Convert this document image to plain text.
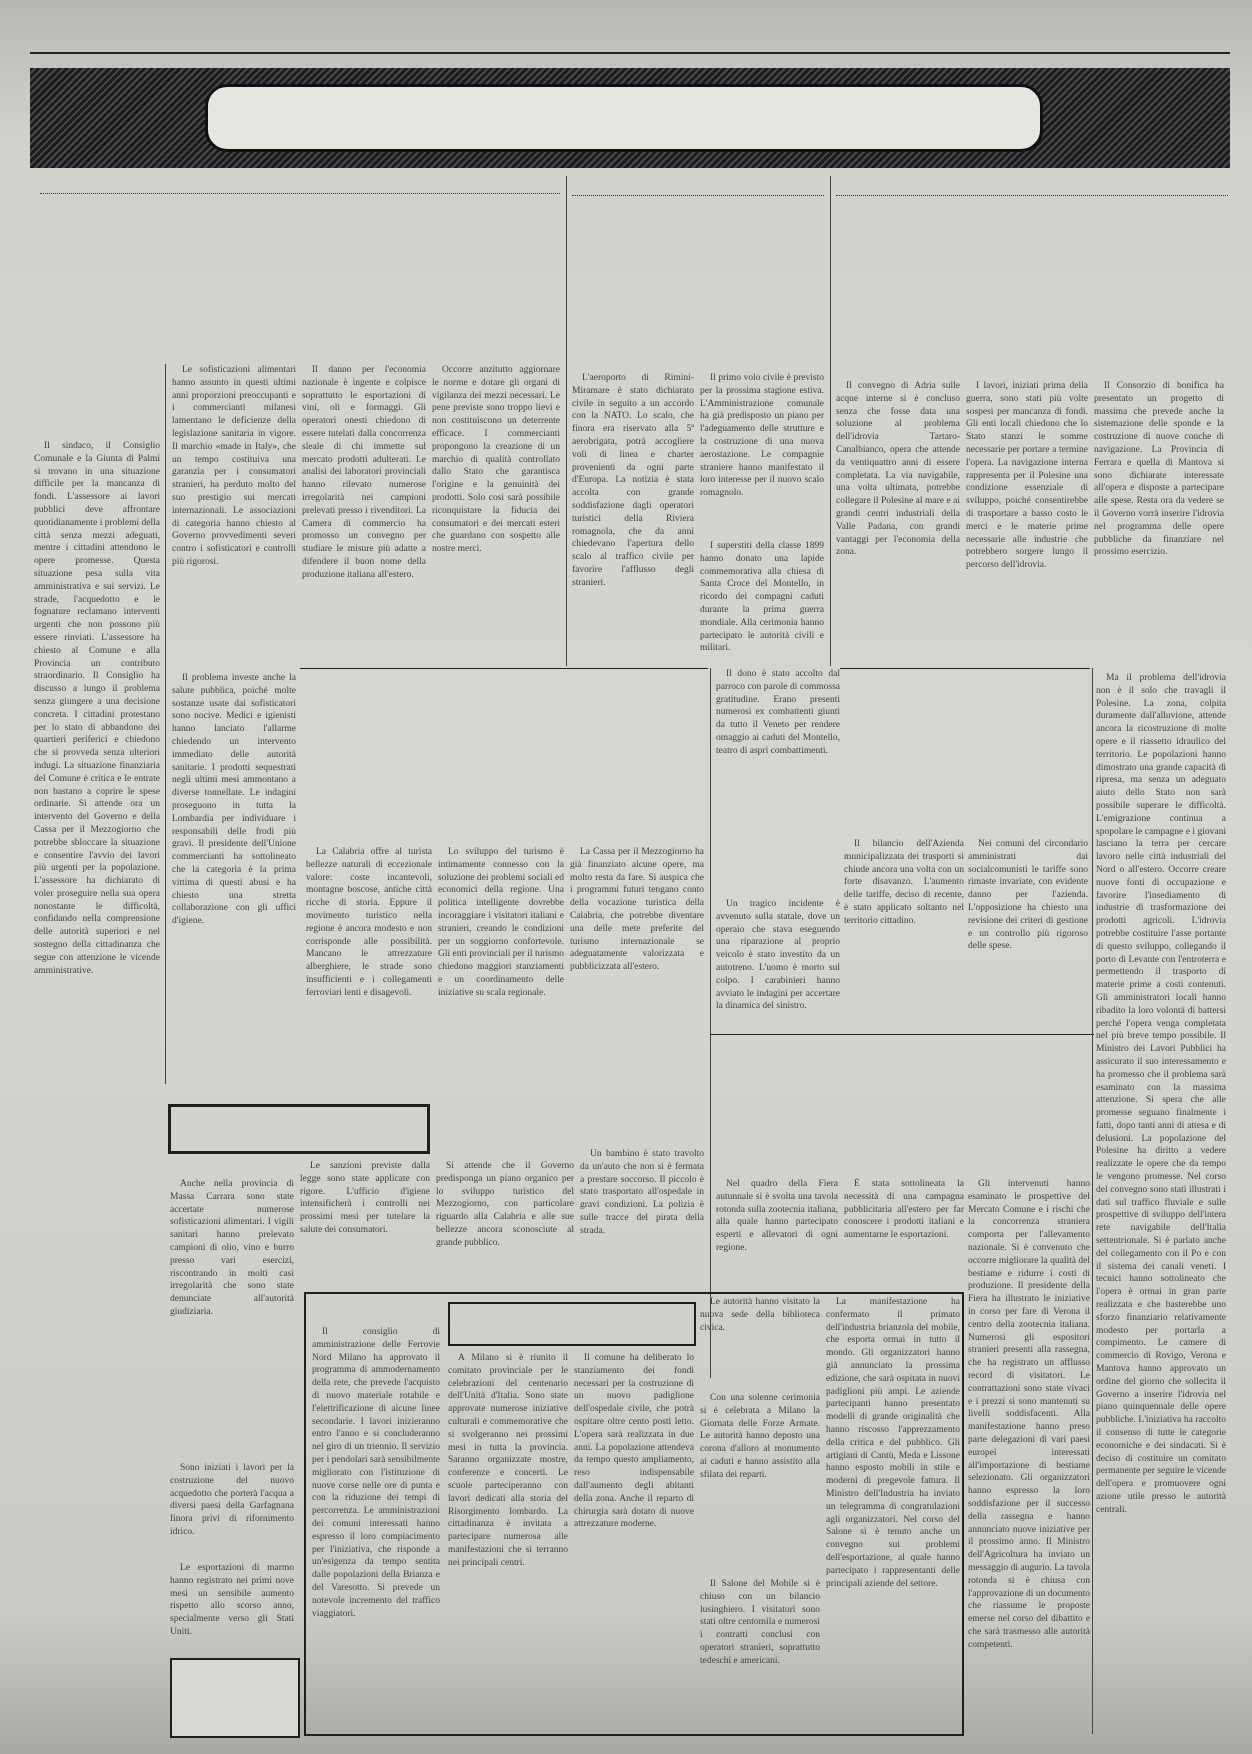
Il sindaco, il Consiglio Comunale e la Giunta di Palmi si trovano in una situazione difficile per la mancanza di fondi. L'assessore ai lavori pubblici deve affrontare quotidianamente i problemi della città senza mezzi adeguati, mentre i cittadini attendono le opere promesse. Questa situazione pesa sulla vita amministrativa e sui servizi. Le strade, l'acquedotto e le fognature reclamano interventi urgenti che non possono più essere rinviati. L'assessore ha chiesto al Comune e alla Provincia un contributo straordinario. Il Consiglio ha discusso a lungo il problema senza giungere a una decisione concreta. I cittadini protestano per lo stato di abbandono dei quartieri periferici e chiedono che si provveda senza ulteriori indugi. La situazione finanziaria del Comune è critica e le entrate non bastano a coprire le spese ordinarie. Si attende ora un intervento del Governo e della Cassa per il Mezzogiorno che potrebbe sbloccare la situazione e consentire l'avvio dei lavori più urgenti per la popolazione. L'assessore ha dichiarato di voler proseguire nella sua opera nonostante le difficoltà, confidando nella comprensione delle autorità superiori e nel sostegno della cittadinanza che segue con attenzione le vicende amministrative.

Le sofisticazioni alimentari hanno assunto in questi ultimi anni proporzioni preoccupanti e i commercianti milanesi lamentano le deficienze della legislazione sanitaria in vigore. Il marchio «made in Italy», che un tempo costituiva una garanzia per i consumatori stranieri, ha perduto molto del suo prestigio sui mercati internazionali. Le associazioni di categoria hanno chiesto al Governo provvedimenti severi contro i sofisticatori e controlli più rigorosi.

Il danno per l'economia nazionale è ingente e colpisce soprattutto le esportazioni di vini, oli e formaggi. Gli operatori onesti chiedono di essere tutelati dalla concorrenza sleale di chi immette sul mercato prodotti adulterati. Le analisi dei laboratori provinciali hanno rilevato numerose irregolarità nei campioni prelevati presso i rivenditori. La Camera di commercio ha promosso un convegno per studiare le misure più adatte a difendere il buon nome della produzione italiana all'estero.

Occorre anzitutto aggiornare le norme e dotare gli organi di vigilanza dei mezzi necessari. Le pene previste sono troppo lievi e non costituiscono un deterrente efficace. I commercianti propongono la creazione di un marchio di qualità controllato dallo Stato che garantisca l'origine e la genuinità dei prodotti. Solo così sarà possibile riconquistare la fiducia dei consumatori e dei mercati esteri che guardano con sospetto alle nostre merci.

Il problema investe anche la salute pubblica, poiché molte sostanze usate dai sofisticatori sono nocive. Medici e igienisti hanno lanciato l'allarme chiedendo un intervento immediato delle autorità sanitarie. I prodotti sequestrati negli ultimi mesi ammontano a diverse tonnellate. Le indagini proseguono in tutta la Lombardia per individuare i responsabili delle frodi più gravi. Il presidente dell'Unione commercianti ha sottolineato che la categoria è la prima vittima di questi abusi e ha chiesto una stretta collaborazione con gli uffici d'igiene.

L'aeroporto di Rimini-Miramare è stato dichiarato civile in seguito a un accordo con la NATO. Lo scalo, che finora era riservato alla 5ª aerobrigata, potrà accogliere voli di linea e charter provenienti da ogni parte d'Europa. La notizia è stata accolta con grande soddisfazione dagli operatori turistici della Riviera romagnola, che da anni chiedevano l'apertura dello scalo al traffico civile per favorire l'afflusso degli stranieri.

Il primo volo civile è previsto per la prossima stagione estiva. L'Amministrazione comunale ha già predisposto un piano per l'adeguamento delle strutture e la costruzione di una nuova aerostazione. Le compagnie straniere hanno manifestato il loro interesse per il nuovo scalo romagnolo.

I superstiti della classe 1899 hanno donato una lapide commemorativa alla chiesa di Santa Croce del Montello, in ricordo dei compagni caduti durante la prima guerra mondiale. Alla cerimonia hanno partecipato le autorità civili e militari.

Il convegno di Adria sulle acque interne si è concluso senza che fosse data una soluzione al problema dell'idrovia Tartaro-Canalbianco, opera che attende da ventiquattro anni di essere completata. La via navigabile, una volta ultimata, potrebbe collegare il Polesine al mare e ai grandi centri industriali della Valle Padana, con grandi vantaggi per l'economia della zona.

I lavori, iniziati prima della guerra, sono stati più volte sospesi per mancanza di fondi. Gli enti locali chiedono che lo Stato stanzi le somme necessarie per portare a termine l'opera. La navigazione interna rappresenta per il Polesine una condizione essenziale di sviluppo, poiché consentirebbe di trasportare a basso costo le merci e le materie prime necessarie alle industrie che potrebbero sorgere lungo il percorso dell'idrovia.

Il Consorzio di bonifica ha presentato un progetto di massima che prevede anche la sistemazione delle sponde e la costruzione di nuove conche di navigazione. La Provincia di Ferrara e quella di Mantova si sono dichiarate interessate all'opera e disposte a partecipare alle spese. Resta ora da vedere se il Governo vorrà inserire l'idrovia nel programma delle opere pubbliche da finanziare nel prossimo esercizio.

Ma il problema dell'idrovia non è il solo che travagli il Polesine. La zona, colpita duramente dall'alluvione, attende ancora la ricostruzione di molte opere e il riassetto idraulico del territorio. Le popolazioni hanno dimostrato una grande capacità di ripresa, ma senza un adeguato aiuto dello Stato non sarà possibile superare le difficoltà. L'emigrazione continua a spopolare le campagne e i giovani lasciano la terra per cercare lavoro nelle città industriali del Nord o all'estero. Occorre creare nuove fonti di occupazione e favorire l'insediamento di industrie di trasformazione dei prodotti agricoli. L'idrovia potrebbe costituire l'asse portante di questo sviluppo, collegando il porto di Levante con l'entroterra e permettendo il trasporto di materie prime a costi contenuti. Gli amministratori locali hanno ribadito la loro volontà di battersi perché l'opera venga completata nel più breve tempo possibile. Il Ministro dei Lavori Pubblici ha assicurato il suo interessamento e ha promesso che il problema sarà esaminato con la massima attenzione. Si spera che alle promesse seguano finalmente i fatti, dopo tanti anni di attesa e di delusioni. La popolazione del Polesine ha diritto a vedere realizzate le opere che da tempo le vengono promesse. Nel corso del convegno sono stati illustrati i dati sul traffico fluviale e sulle prospettive di sviluppo dell'intera rete navigabile dell'Italia settentrionale. Si è parlato anche del collegamento con il Po e con il sistema dei canali veneti. I tecnici hanno sottolineato che l'opera è ormai in gran parte realizzata e che basterebbe uno sforzo finanziario relativamente modesto per portarla a compimento. Le camere di commercio di Rovigo, Verona e Mantova hanno approvato un ordine del giorno che sollecita il Governo a inserire l'idrovia nel piano quinquennale delle opere pubbliche. L'iniziativa ha raccolto il consenso di tutte le categorie economiche e dei sindacati. Si è deciso di costituire un comitato permanente per seguire le vicende dell'opera e promuovere ogni azione utile presso le autorità centrali.

La Calabria offre al turista bellezze naturali di eccezionale valore: coste incantevoli, montagne boscose, antiche città ricche di storia. Eppure il movimento turistico nella regione è ancora modesto e non corrisponde alle possibilità. Mancano le attrezzature alberghiere, le strade sono insufficienti e i collegamenti ferroviari lenti e disagevoli.

Lo sviluppo del turismo è intimamente connesso con la soluzione dei problemi sociali ed economici della regione. Una politica intelligente dovrebbe incoraggiare i visitatori italiani e stranieri, creando le condizioni per un soggiorno confortevole. Gli enti provinciali per il turismo chiedono maggiori stanziamenti e un coordinamento delle iniziative su scala regionale.

La Cassa per il Mezzogiorno ha già finanziato alcune opere, ma molto resta da fare. Si auspica che i programmi futuri tengano conto della vocazione turistica della Calabria, che potrebbe diventare una delle mete preferite del turismo internazionale se adeguatamente valorizzata e pubblicizzata all'estero.

Il dono è stato accolto dal parroco con parole di commossa gratitudine. Erano presenti numerosi ex combattenti giunti da tutto il Veneto per rendere omaggio ai caduti del Montello, teatro di aspri combattimenti.

Un tragico incidente è avvenuto sulla statale, dove un operaio che stava eseguendo una riparazione al proprio veicolo è stato investito da un autotreno. L'uomo è morto sul colpo. I carabinieri hanno avviato le indagini per accertare la dinamica del sinistro.

Un bambino è stato travolto da un'auto che non si è fermata a prestare soccorso. Il piccolo è stato trasportato all'ospedale in gravi condizioni. La polizia è sulle tracce del pirata della strada.

Il bilancio dell'Azienda municipalizzata dei trasporti si chiude ancora una volta con un forte disavanzo. L'aumento delle tariffe, deciso di recente, è stato applicato soltanto nel territorio cittadino.

Nei comuni del circondario amministrati dai socialcomunisti le tariffe sono rimaste invariate, con evidente danno per l'azienda. L'opposizione ha chiesto una revisione dei criteri di gestione e un controllo più rigoroso delle spese.

Nel quadro della Fiera autunnale si è svolta una tavola rotonda sulla zootecnia italiana, alla quale hanno partecipato esperti e allevatori di ogni regione.

È stata sottolineata la necessità di una campagna pubblicitaria all'estero per far conoscere i prodotti italiani e aumentarne le esportazioni.

Gli intervenuti hanno esaminato le prospettive del Mercato Comune e i rischi che la concorrenza straniera comporta per l'allevamento nazionale. Si è convenuto che occorre migliorare la qualità del bestiame e ridurre i costi di produzione. Il presidente della Fiera ha illustrato le iniziative in corso per fare di Verona il centro della zootecnia italiana. Numerosi gli espositori stranieri presenti alla rassegna, che ha registrato un afflusso record di visitatori. Le contrattazioni sono state vivaci e i prezzi si sono mantenuti su livelli soddisfacenti. Alla manifestazione hanno preso parte delegazioni di vari paesi europei interessati all'importazione di bestiame selezionato. Gli organizzatori hanno espresso la loro soddisfazione per il successo della rassegna e hanno annunciato nuove iniziative per il prossimo anno. Il Ministro dell'Agricoltura ha inviato un messaggio di augurio. La tavola rotonda si è chiusa con l'approvazione di un documento che riassume le proposte emerse nel corso del dibattito e che sarà trasmesso alle autorità competenti.

Anche nella provincia di Massa Carrara sono state accertate numerose sofisticazioni alimentari. I vigili sanitari hanno prelevato campioni di olio, vino e burro presso vari esercizi, riscontrando in molti casi irregolarità che sono state denunciate all'autorità giudiziaria.

Le sanzioni previste dalla legge sono state applicate con rigore. L'ufficio d'igiene intensificherà i controlli nei prossimi mesi per tutelare la salute dei consumatori.

Sono iniziati i lavori per la costruzione del nuovo acquedotto che porterà l'acqua a diversi paesi della Garfagnana finora privi di rifornimento idrico.

Le esportazioni di marmo hanno registrato nei primi nove mesi un sensibile aumento rispetto allo scorso anno, specialmente verso gli Stati Uniti.

Il consiglio di amministrazione delle Ferrovie Nord Milano ha approvato il programma di ammodernamento della rete, che prevede l'acquisto di nuovo materiale rotabile e l'elettrificazione di alcune linee secondarie. I lavori inizieranno entro l'anno e si concluderanno nel giro di un triennio. Il servizio per i pendolari sarà sensibilmente migliorato con l'istituzione di nuove corse nelle ore di punta e con la riduzione dei tempi di percorrenza. Le amministrazioni dei comuni interessati hanno espresso il loro compiacimento per l'iniziativa, che risponde a un'esigenza da tempo sentita dalle popolazioni della Brianza e del Varesotto. Si prevede un notevole incremento del traffico viaggiatori.

A Milano si è riunito il comitato provinciale per le celebrazioni del centenario dell'Unità d'Italia. Sono state approvate numerose iniziative culturali e commemorative che si svolgeranno nei prossimi mesi in tutta la provincia. Saranno organizzate mostre, conferenze e concerti. Le scuole parteciperanno con lavori dedicati alla storia del Risorgimento lombardo. La cittadinanza è invitata a partecipare numerosa alle manifestazioni che si terranno nei principali centri.

Il comune ha deliberato lo stanziamento dei fondi necessari per la costruzione di un nuovo padiglione dell'ospedale civile, che potrà ospitare oltre cento posti letto. L'opera sarà realizzata in due anni. La popolazione attendeva da tempo questo ampliamento, reso indispensabile dall'aumento degli abitanti della zona. Anche il reparto di chirurgia sarà dotato di nuove attrezzature moderne.

Le autorità hanno visitato la nuova sede della biblioteca civica.

Con una solenne cerimonia si è celebrata a Milano la Giornata delle Forze Armate. Le autorità hanno deposto una corona d'alloro al monumento ai caduti e hanno assistito alla sfilata dei reparti.

Il Salone del Mobile si è chiuso con un bilancio lusinghiero. I visitatori sono stati oltre centomila e numerosi i contratti conclusi con operatori stranieri, soprattutto tedeschi e americani.

La manifestazione ha confermato il primato dell'industria brianzola del mobile, che esporta ormai in tutto il mondo. Gli organizzatori hanno già annunciato la prossima edizione, che sarà ospitata in nuovi padiglioni più ampi. Le aziende partecipanti hanno presentato modelli di grande originalità che hanno riscosso l'apprezzamento della critica e del pubblico. Gli artigiani di Cantù, Meda e Lissone hanno esposto mobili in stile e moderni di pregevole fattura. Il Ministro dell'Industria ha inviato un telegramma di congratulazioni agli organizzatori. Nel corso del Salone si è tenuto anche un convegno sui problemi dell'esportazione, al quale hanno partecipato i rappresentanti delle principali aziende del settore.

Si attende che il Governo predisponga un piano organico per lo sviluppo turistico del Mezzogiorno, con particolare riguardo alla Calabria e alle sue bellezze ancora sconosciute al grande pubblico.
